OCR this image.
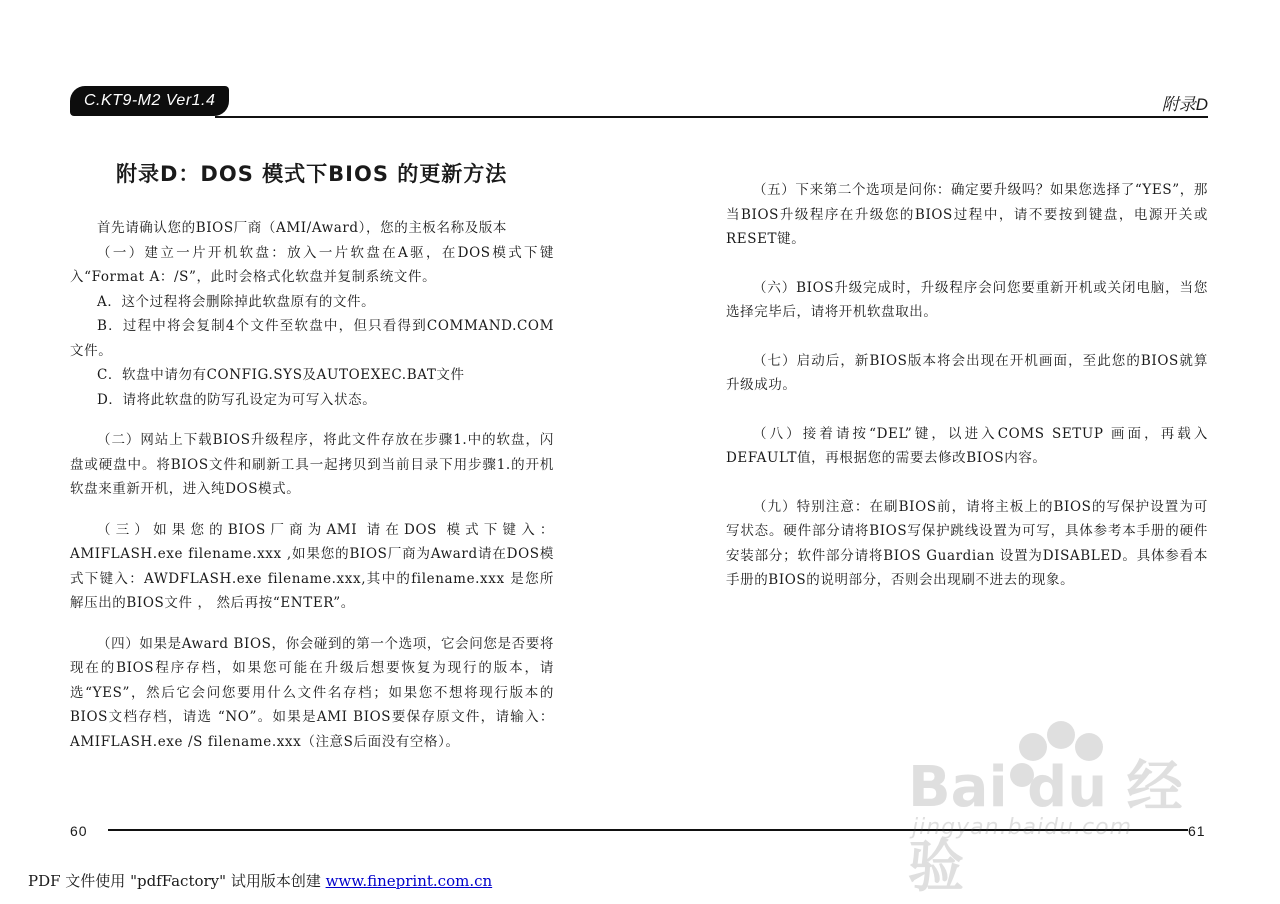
C.KT9-M2 Ver1.4	附录D
附录D：DOS 模式下BIOS 的更新方法

首先请确认您的BIOS厂商（AMI/Award），您的主板名称及版本

（一）建立一片开机软盘：放入一片软盘在A驱，在DOS模式下键入“Format A：/S”，此时会格式化软盘并复制系统文件。

A．这个过程将会删除掉此软盘原有的文件。

B．过程中将会复制4个文件至软盘中，但只看得到COMMAND.COM 文件。

C．软盘中请勿有CONFIG.SYS及AUTOEXEC.BAT文件

D．请将此软盘的防写孔设定为可写入状态。

（二）网站上下载BIOS升级程序，将此文件存放在步骤1.中的软盘，闪盘或硬盘中。将BIOS文件和刷新工具一起拷贝到当前目录下用步骤1.的开机软盘来重新开机，进入纯DOS模式。

（三）如果您的BIOS厂商为AMI 请在DOS 模式下键入：AMIFLASH.exe filename.xxx ,如果您的BIOS厂商为Award请在DOS模式下键入：AWDFLASH.exe filename.xxx,其中的filename.xxx 是您所解压出的BIOS文件 ， 然后再按“ENTER”。

（四）如果是Award BIOS，你会碰到的第一个选项，它会问您是否要将现在的BIOS程序存档，如果您可能在升级后想要恢复为现行的版本，请选“YES”，然后它会问您要用什么文件名存档；如果您不想将现行版本的BIOS文档存档，请选 “NO”。如果是AMI BIOS要保存原文件，请输入：AMIFLASH.exe /S filename.xxx（注意S后面没有空格）。

（五）下来第二个选项是问你：确定要升级吗？如果您选择了“YES”，那当BIOS升级程序在升级您的BIOS过程中，请不要按到键盘，电源开关或RESET键。

（六）BIOS升级完成时，升级程序会问您要重新开机或关闭电脑，当您选择完毕后，请将开机软盘取出。

（七）启动后，新BIOS版本将会出现在开机画面，至此您的BIOS就算升级成功。

（八）接着请按“DEL”键，以进入COMS SETUP 画面，再载入DEFAULT值，再根据您的需要去修改BIOS内容。

（九）特别注意：在刷BIOS前，请将主板上的BIOS的写保护设置为可写状态。硬件部分请将BIOS写保护跳线设置为可写，具体参考本手册的硬件安装部分；软件部分请将BIOS Guardian 设置为DISABLED。具体参看本手册的BIOS的说明部分，否则会出现刷不进去的现象。

60	61
Bai du 经验
jingyan.baidu.com
PDF 文件使用 "pdfFactory" 试用版本创建 www.fineprint.com.cn
